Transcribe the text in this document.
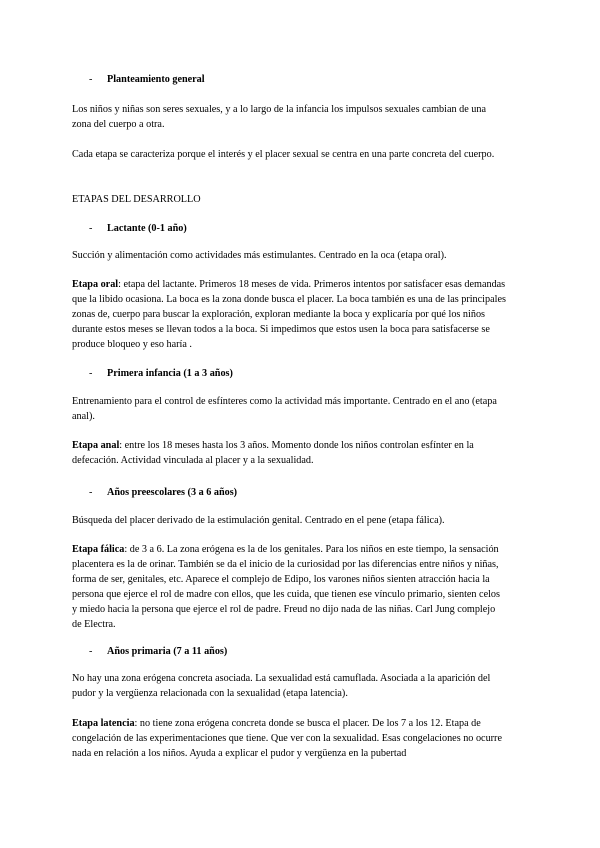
- Planteamiento general

Los niños y niñas son seres sexuales, y a lo largo de la infancia los impulsos sexuales cambian de una zona del cuerpo a otra.

Cada etapa se caracteriza porque el interés y el placer sexual se centra en una parte concreta del cuerpo.

ETAPAS DEL DESARROLLO

- Lactante (0-1 año)

Succión y alimentación como actividades más estimulantes. Centrado en la oca (etapa oral).

Etapa oral: etapa del lactante. Primeros 18 meses de vida. Primeros intentos por satisfacer esas demandas que la libido ocasiona. La boca es la zona donde busca el placer. La boca también es una de las principales zonas de, cuerpo para buscar la exploración, exploran mediante la boca y explicaría por qué los niños durante estos meses se llevan todos a la boca. Si impedimos que estos usen la boca para satisfacerse se produce bloqueo y eso haría .

- Primera infancia (1 a 3 años)

Entrenamiento para el control de esfínteres como la actividad más importante. Centrado en el ano (etapa anal).

Etapa anal: entre los 18 meses hasta los 3 años. Momento donde los niños controlan esfínter en la defecación. Actividad vinculada al placer y a la sexualidad.

- Años preescolares (3 a 6 años)

Búsqueda del placer derivado de la estimulación genital. Centrado en el pene (etapa fálica).

Etapa fálica: de 3 a 6. La zona erógena es la de los genitales. Para los niños en este tiempo, la sensación placentera es la de orinar. También se da el inicio de la curiosidad por las diferencias entre niños y niñas, forma de ser, genitales, etc. Aparece el complejo de Edipo, los varones niños sienten atracción hacia la persona que ejerce el rol de madre con ellos, que les cuida, que tienen ese vínculo primario, sienten celos y miedo hacia la persona que ejerce el rol de padre. Freud no dijo nada de las niñas. Carl Jung complejo de Electra.

- Años primaria (7 a 11 años)

No hay una zona erógena concreta asociada. La sexualidad está camuflada. Asociada a la aparición del pudor y la vergüenza relacionada con la sexualidad (etapa latencia).

Etapa latencia: no tiene zona erógena concreta donde se busca el placer. De los 7 a los 12. Etapa de congelación de las experimentaciones que tiene. Que ver con la sexualidad. Esas congelaciones no ocurre nada en relación a los niños. Ayuda a explicar el pudor y vergüenza en la pubertad
